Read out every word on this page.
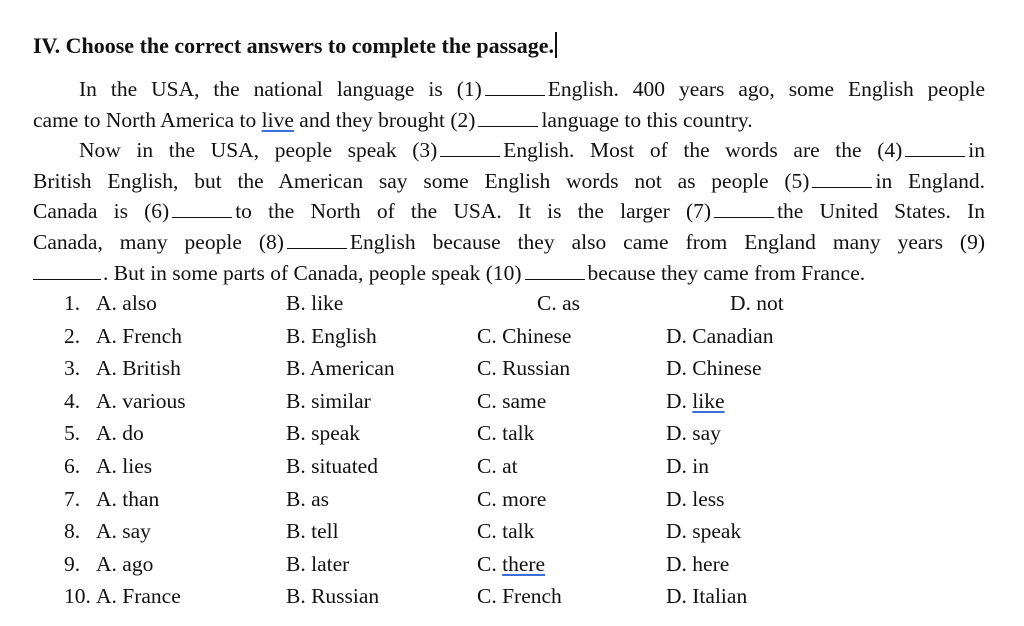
IV. Choose the correct answers to complete the passage.
In the USA, the national language is (1)	English. 400 years ago, some English people
came to North America to live and they brought (2)	language to this country.
Now in the USA, people speak (3)	English. Most of the words are the (4)	in
British English, but the American say some English words not as people (5)	in England.
Canada is (6)	to the North of the USA. It is the larger (7)	the United States. In
Canada, many people (8)	English because they also came from England many years (9)
. But in some parts of Canada, people speak (10)	because they came from France.
1. A. also	B. like	C. as	D. not
2. A. French	B. English	C. Chinese	D. Canadian
3. A. British	B. American	C. Russian	D. Chinese
4. A. various	B. similar	C. same	D. like
5. A. do	B. speak	C. talk	D. say
6. A. lies	B. situated	C. at	D. in
7. A. than	B. as	C. more	D. less
8. A. say	B. tell	C. talk	D. speak
9. A. ago	B. later	C. there	D. here
10. A. France	B. Russian	C. French	D. Italian
